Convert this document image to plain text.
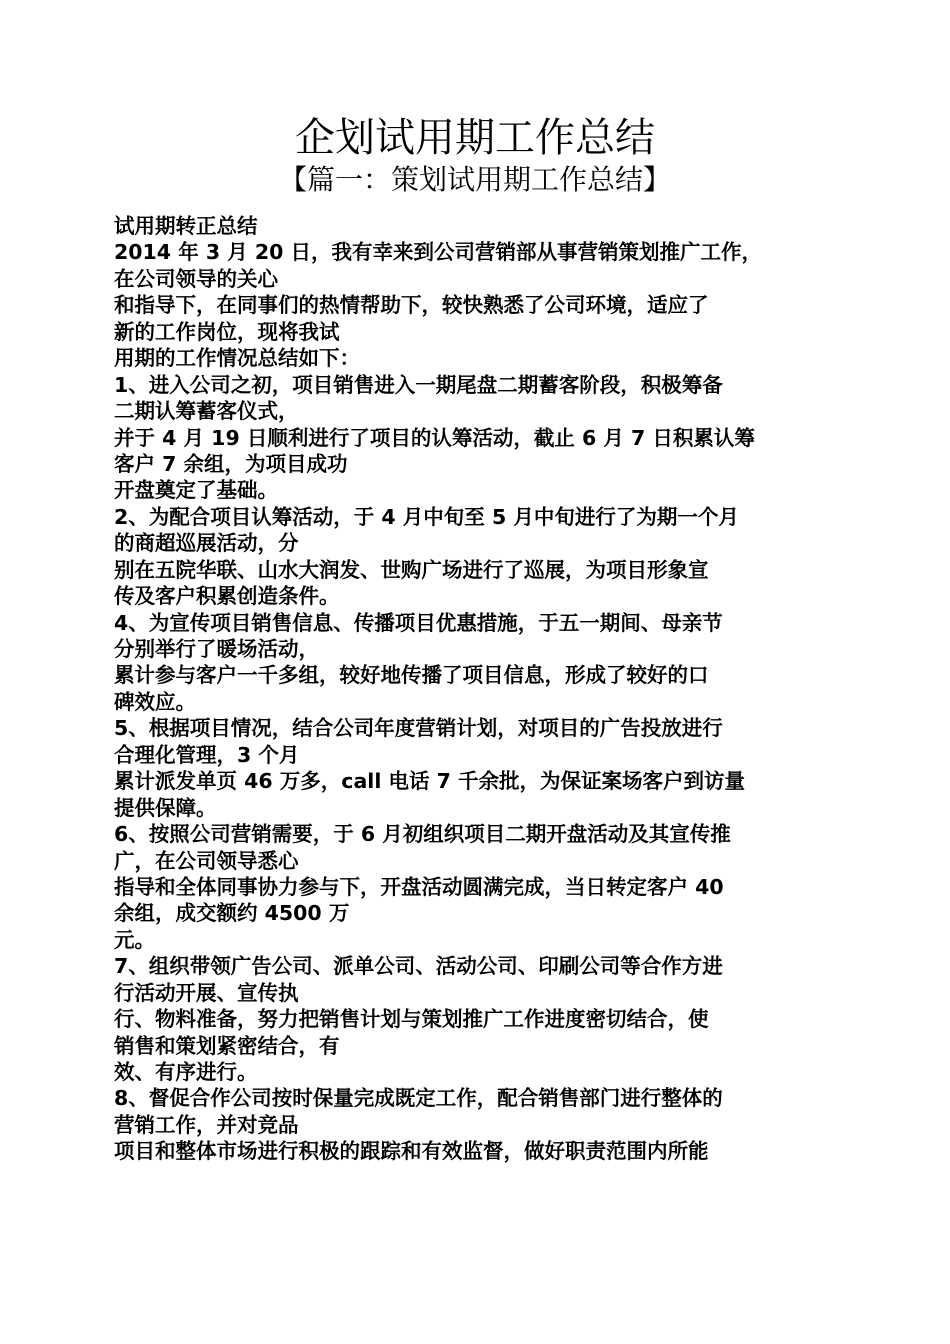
企划试用期工作总结
【篇一：策划试用期工作总结】
试用期转正总结
2014 年 3 月 20 日，我有幸来到公司营销部从事营销策划推广工作，
在公司领导的关心
和指导下，在同事们的热情帮助下，较快熟悉了公司环境，适应了
新的工作岗位，现将我试
用期的工作情况总结如下：
1、进入公司之初，项目销售进入一期尾盘二期蓄客阶段，积极筹备
二期认筹蓄客仪式，
并于 4 月 19 日顺利进行了项目的认筹活动，截止 6 月 7 日积累认筹
客户 7 余组，为项目成功
开盘奠定了基础。
2、为配合项目认筹活动，于 4 月中旬至 5 月中旬进行了为期一个月
的商超巡展活动，分
别在五院华联、山水大润发、世购广场进行了巡展，为项目形象宣
传及客户积累创造条件。
4、为宣传项目销售信息、传播项目优惠措施，于五一期间、母亲节
分别举行了暖场活动，
累计参与客户一千多组，较好地传播了项目信息，形成了较好的口
碑效应。
5、根据项目情况，结合公司年度营销计划，对项目的广告投放进行
合理化管理，3 个月
累计派发单页 46 万多，call 电话 7 千余批，为保证案场客户到访量
提供保障。
6、按照公司营销需要，于 6 月初组织项目二期开盘活动及其宣传推
广，在公司领导悉心
指导和全体同事协力参与下，开盘活动圆满完成，当日转定客户 40
余组，成交额约 4500 万
元。
7、组织带领广告公司、派单公司、活动公司、印刷公司等合作方进
行活动开展、宣传执
行、物料准备，努力把销售计划与策划推广工作进度密切结合，使
销售和策划紧密结合，有
效、有序进行。
8、督促合作公司按时保量完成既定工作，配合销售部门进行整体的
营销工作，并对竞品
项目和整体市场进行积极的跟踪和有效监督，做好职责范围内所能
